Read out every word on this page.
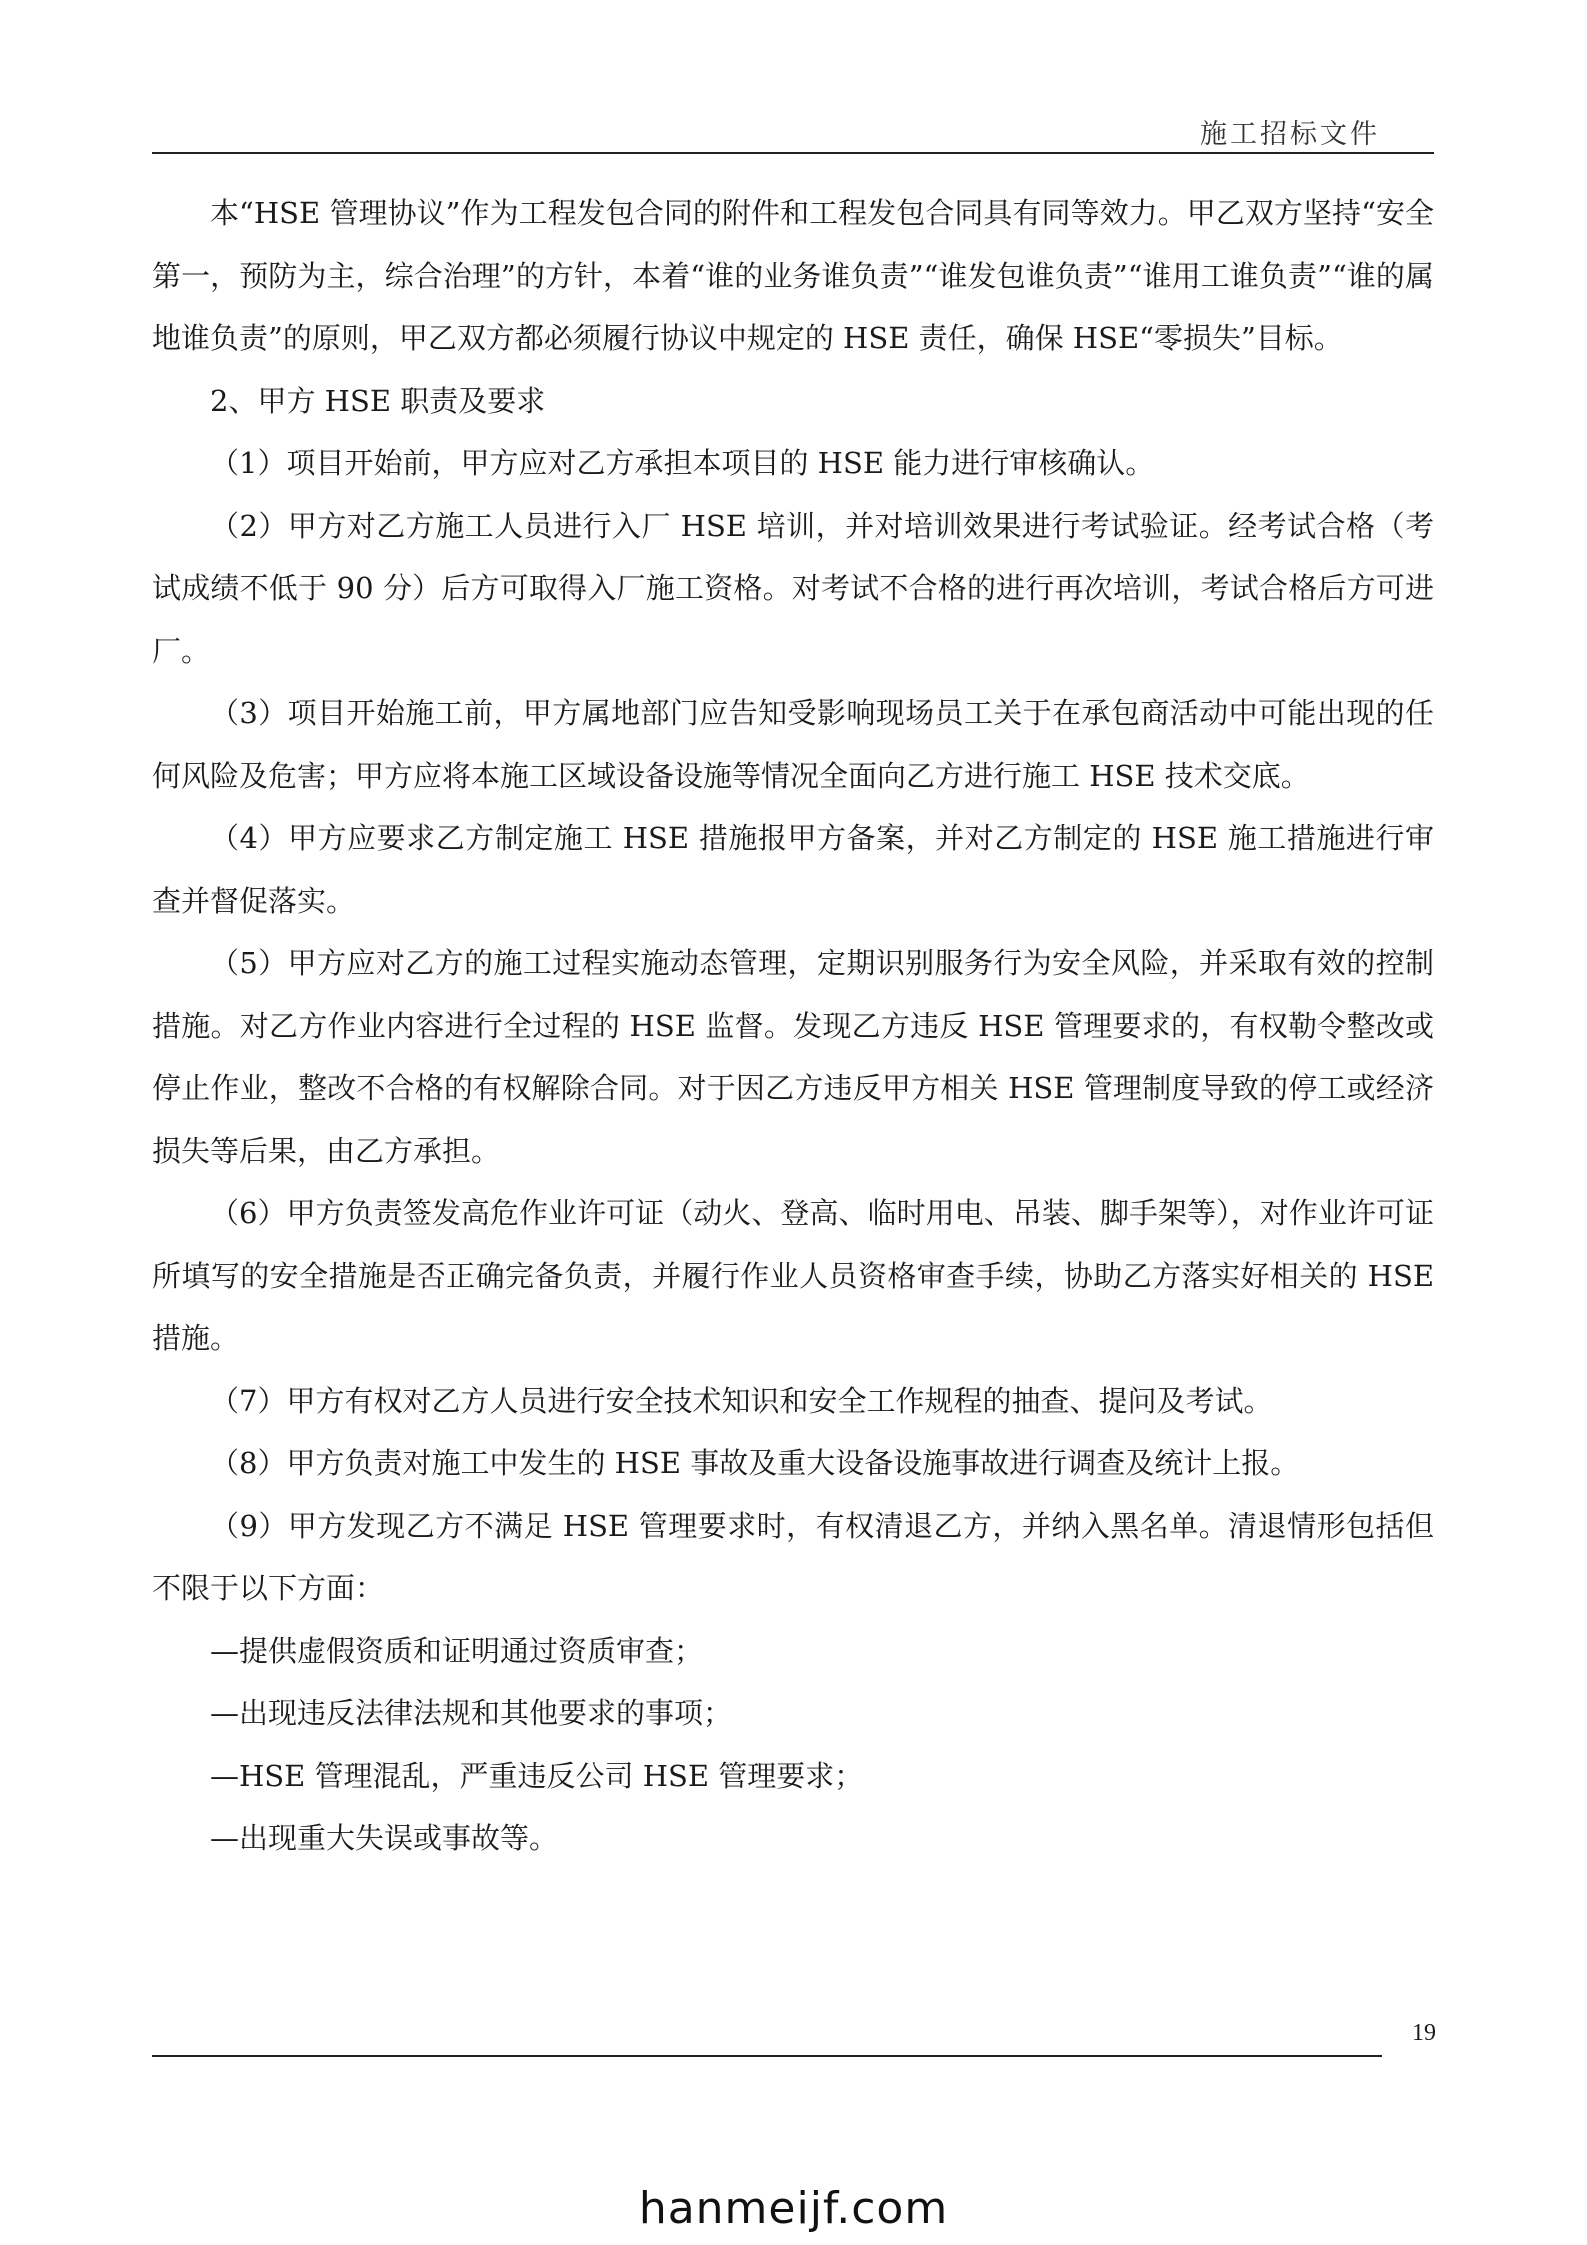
施工招标文件

本“HSE 管理协议”作为工程发包合同的附件和工程发包合同具有同等效力。甲乙双方坚持“安全第一，预防为主，综合治理”的方针，本着“谁的业务谁负责”“谁发包谁负责”“谁用工谁负责”“谁的属地谁负责”的原则，甲乙双方都必须履行协议中规定的 HSE 责任，确保 HSE“零损失”目标。

2、甲方 HSE 职责及要求

（1）项目开始前，甲方应对乙方承担本项目的 HSE 能力进行审核确认。

（2）甲方对乙方施工人员进行入厂 HSE 培训，并对培训效果进行考试验证。经考试合格（考试成绩不低于 90 分）后方可取得入厂施工资格。对考试不合格的进行再次培训，考试合格后方可进厂。

（3）项目开始施工前，甲方属地部门应告知受影响现场员工关于在承包商活动中可能出现的任何风险及危害；甲方应将本施工区域设备设施等情况全面向乙方进行施工 HSE 技术交底。

（4）甲方应要求乙方制定施工 HSE 措施报甲方备案，并对乙方制定的 HSE 施工措施进行审查并督促落实。

（5）甲方应对乙方的施工过程实施动态管理，定期识别服务行为安全风险，并采取有效的控制措施。对乙方作业内容进行全过程的 HSE 监督。发现乙方违反 HSE 管理要求的，有权勒令整改或停止作业，整改不合格的有权解除合同。对于因乙方违反甲方相关 HSE 管理制度导致的停工或经济损失等后果，由乙方承担。

（6）甲方负责签发高危作业许可证（动火、登高、临时用电、吊装、脚手架等），对作业许可证所填写的安全措施是否正确完备负责，并履行作业人员资格审查手续，协助乙方落实好相关的 HSE 措施。

（7）甲方有权对乙方人员进行安全技术知识和安全工作规程的抽查、提问及考试。

（8）甲方负责对施工中发生的 HSE 事故及重大设备设施事故进行调查及统计上报。

（9）甲方发现乙方不满足 HSE 管理要求时，有权清退乙方，并纳入黑名单。清退情形包括但不限于以下方面：

—提供虚假资质和证明通过资质审查；

—出现违反法律法规和其他要求的事项；

—HSE 管理混乱，严重违反公司 HSE 管理要求；

—出现重大失误或事故等。

19
hanmeijf.com
